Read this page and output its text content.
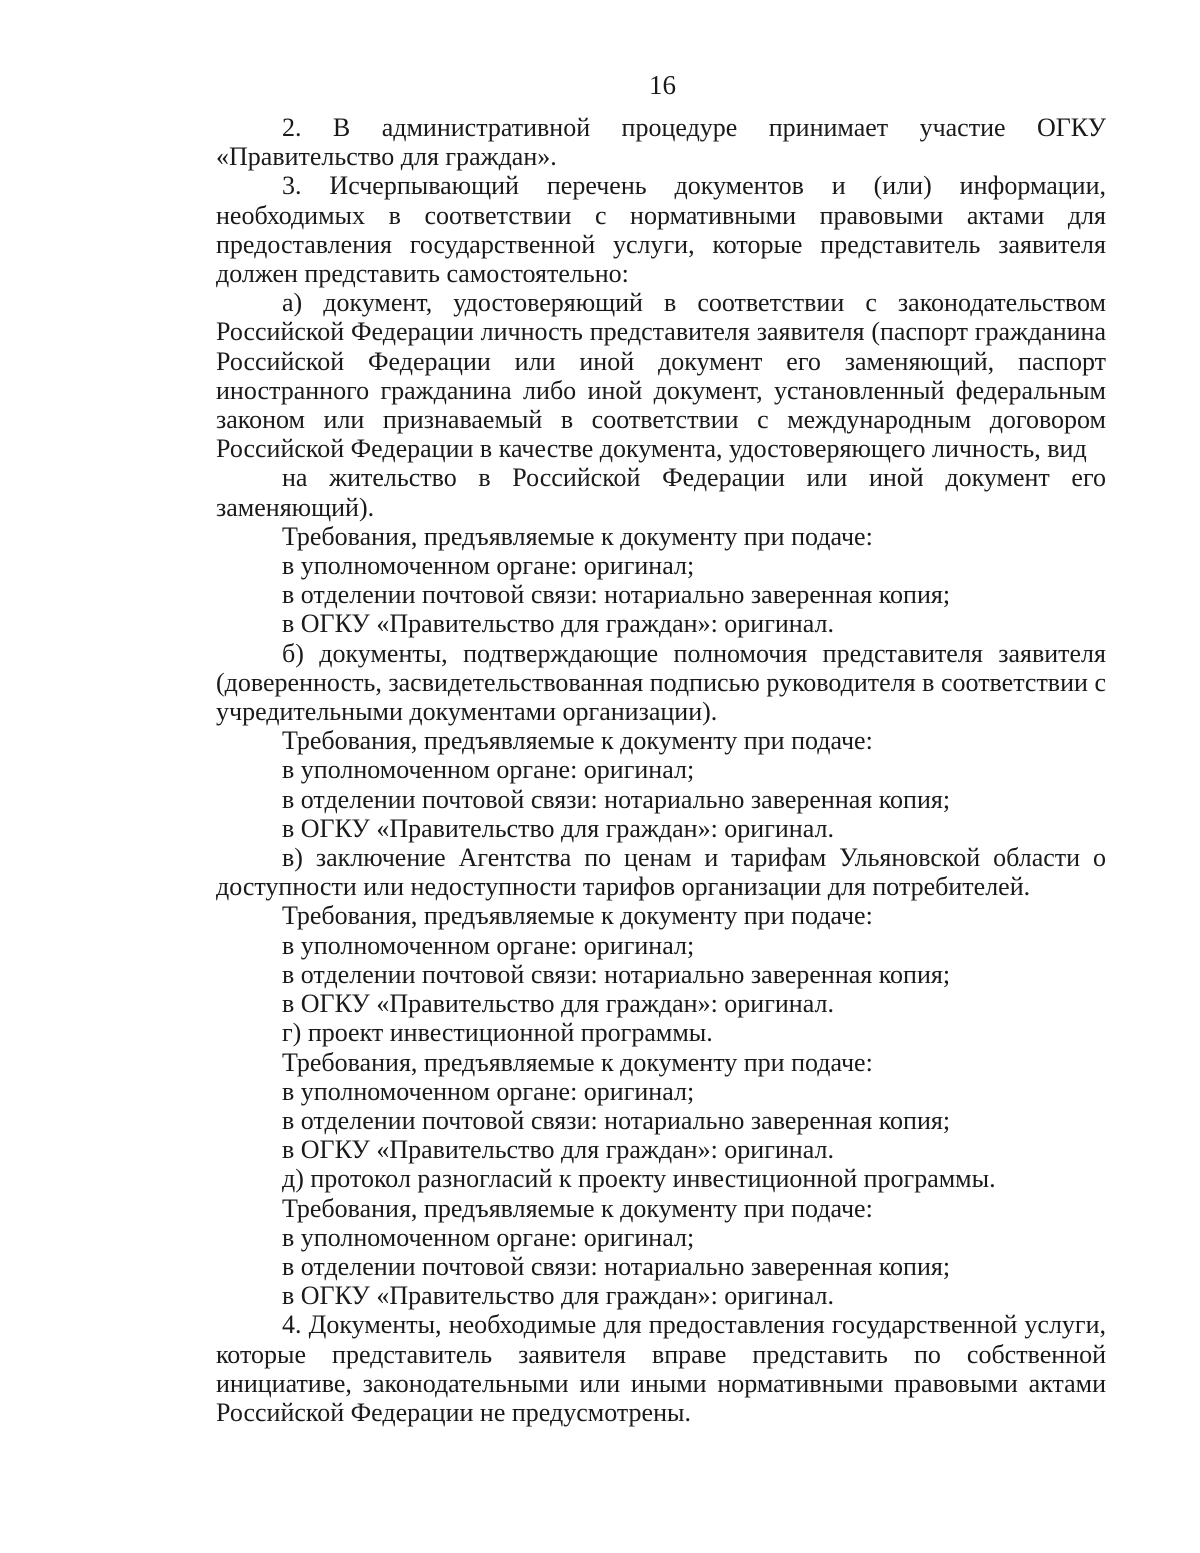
16

2. В административной процедуре принимает участие ОГКУ «Правительство для граждан».

3. Исчерпывающий перечень документов и (или) информации, необходимых в соответствии с нормативными правовыми актами для предоставления государственной услуги, которые представитель заявителя должен представить самостоятельно:

а) документ, удостоверяющий в соответствии с законодательством Российской Федерации личность представителя заявителя (паспорт гражданина Российской Федерации или иной документ его заменяющий, паспорт иностранного гражданина либо иной документ, установленный федеральным законом или признаваемый в соответствии с международным договором Российской Федерации в качестве документа, удостоверяющего личность, вид

на жительство в Российской Федерации или иной документ его заменяющий).

Требования, предъявляемые к документу при подаче:

в уполномоченном органе: оригинал;

в отделении почтовой связи: нотариально заверенная копия;

в ОГКУ «Правительство для граждан»: оригинал.

б) документы, подтверждающие полномочия представителя заявителя (доверенность, засвидетельствованная подписью руководителя в соответствии с учредительными документами организации).

Требования, предъявляемые к документу при подаче:

в уполномоченном органе: оригинал;

в отделении почтовой связи: нотариально заверенная копия;

в ОГКУ «Правительство для граждан»: оригинал.

в) заключение Агентства по ценам и тарифам Ульяновской области о доступности или недоступности тарифов организации для потребителей.

Требования, предъявляемые к документу при подаче:

в уполномоченном органе: оригинал;

в отделении почтовой связи: нотариально заверенная копия;

в ОГКУ «Правительство для граждан»: оригинал.

г) проект инвестиционной программы.

Требования, предъявляемые к документу при подаче:

в уполномоченном органе: оригинал;

в отделении почтовой связи: нотариально заверенная копия;

в ОГКУ «Правительство для граждан»: оригинал.

д) протокол разногласий к проекту инвестиционной программы.

Требования, предъявляемые к документу при подаче:

в уполномоченном органе: оригинал;

в отделении почтовой связи: нотариально заверенная копия;

в ОГКУ «Правительство для граждан»: оригинал.

4. Документы, необходимые для предоставления государственной услуги, которые представитель заявителя вправе представить по собственной инициативе, законодательными или иными нормативными правовыми актами Российской Федерации не предусмотрены.
